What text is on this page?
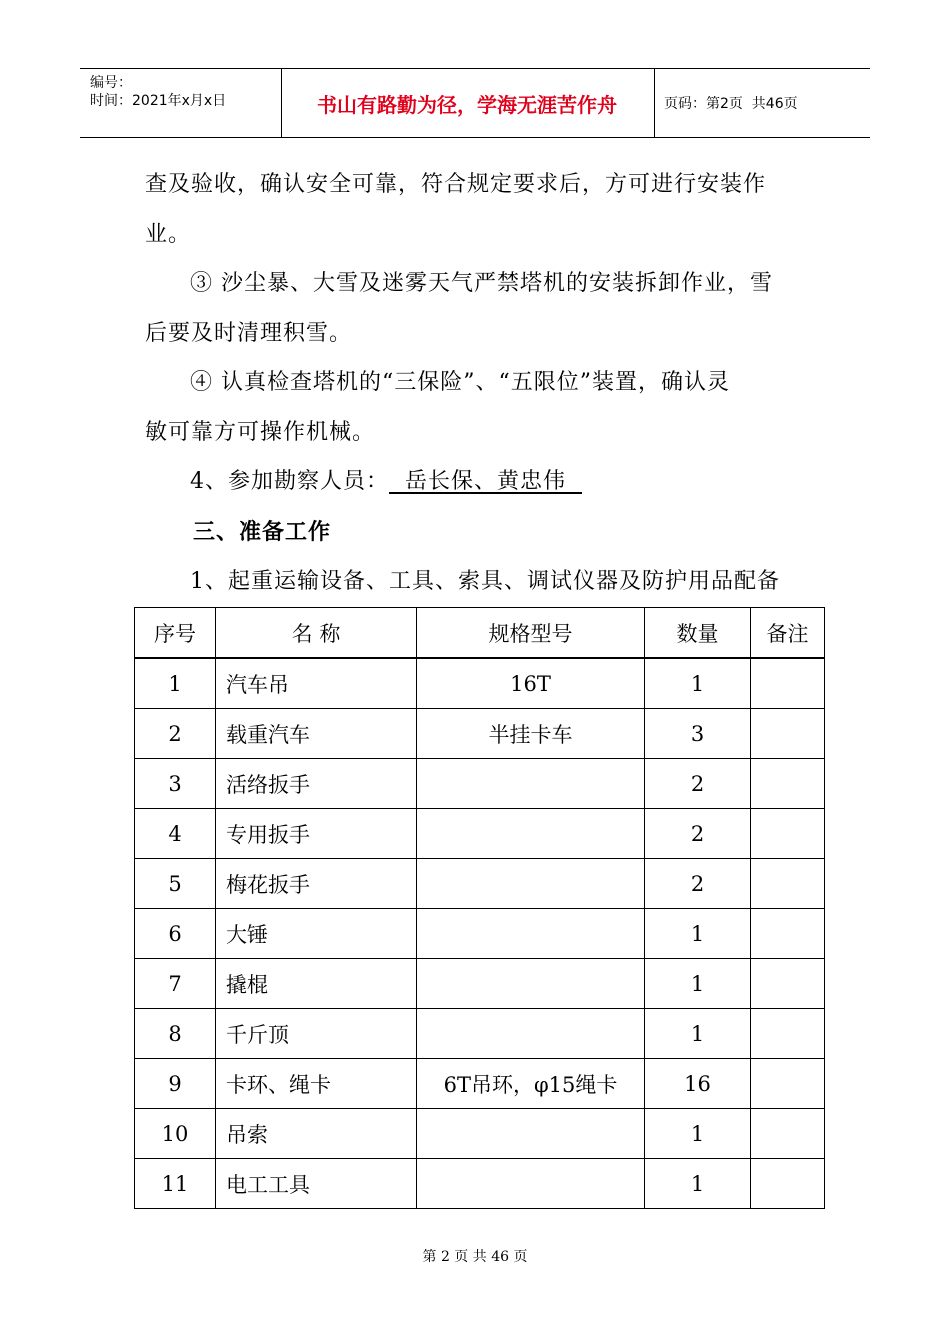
编号：
时间：2021年x月x日	书山有路勤为径，学海无涯苦作舟	页码：第2页  共46页
查及验收，确认安全可靠，符合规定要求后，方可进行安装作
业。
③ 沙尘暴、大雪及迷雾天气严禁塔机的安装拆卸作业，雪
后要及时清理积雪。
④ 认真检查塔机的“三保险”、“五限位”装置，确认灵
敏可靠方可操作机械。
4、参加勘察人员：  岳长保、黄忠伟
三、准备工作
1、起重运输设备、工具、索具、调试仪器及防护用品配备
序号	名 称	规格型号	数量	备注
1	汽车吊	16T	1	
2	载重汽车	半挂卡车	3	
3	活络扳手		2	
4	专用扳手		2	
5	梅花扳手		2	
6	大锤		1	
7	撬棍		1	
8	千斤顶		1	
9	卡环、绳卡	6T吊环，φ15绳卡	16	
10	吊索		1	
11	电工工具		1	
第 2 页 共 46 页
